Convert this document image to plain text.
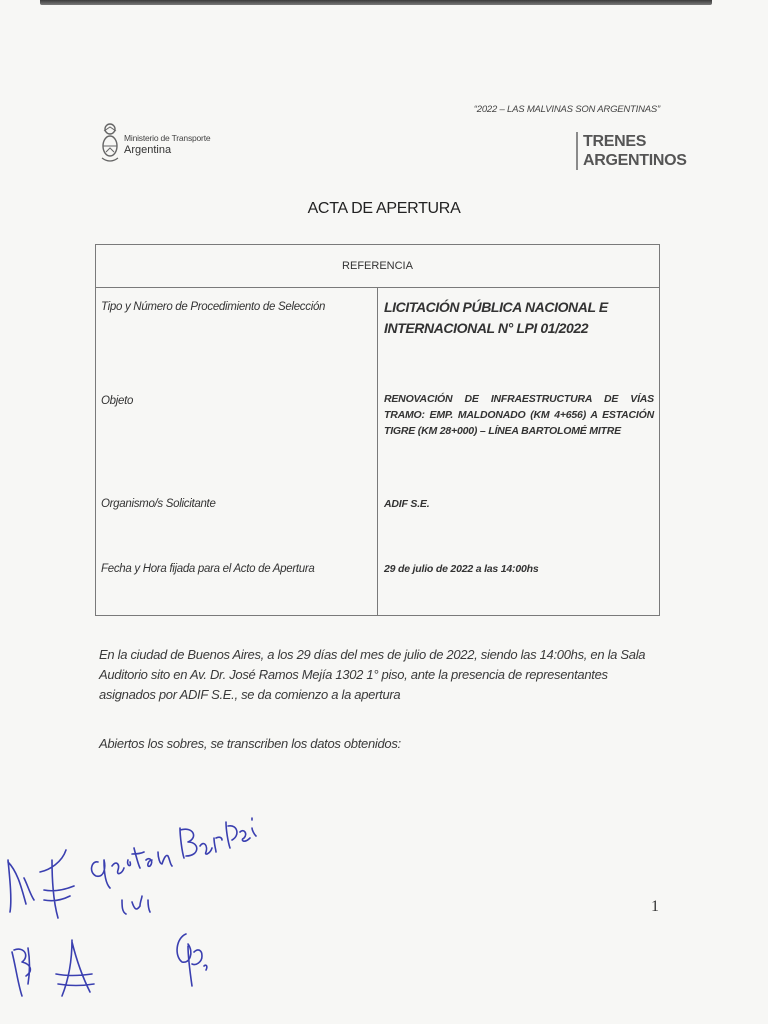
“2022 – LAS MALVINAS SON ARGENTINAS”
Ministerio de Transporte
Argentina	TRENES
ARGENTINOS
ACTA DE APERTURA
REFERENCIA
Tipo y Número de Procedimiento de Selección	LICITACIÓN PÚBLICA NACIONAL E INTERNACIONAL N° LPI 01/2022
Objeto	RENOVACIÓN DE INFRAESTRUCTURA DE VÍAS TRAMO: EMP. MALDONADO (KM 4+656) A ESTACIÓN TIGRE (KM 28+000) – LÍNEA BARTOLOMÉ MITRE
Organismo/s Solicitante	ADIF S.E.
Fecha y Hora fijada para el Acto de Apertura	29 de julio de 2022 a las 14:00hs
En la ciudad de Buenos Aires, a los 29 días del mes de julio de 2022, siendo las 14:00hs, en la Sala Auditorio sito en Av. Dr. José Ramos Mejía 1302 1° piso, ante la presencia de representantes asignados por ADIF S.E., se da comienzo a la apertura
Abiertos los sobres, se transcriben los datos obtenidos:
1
